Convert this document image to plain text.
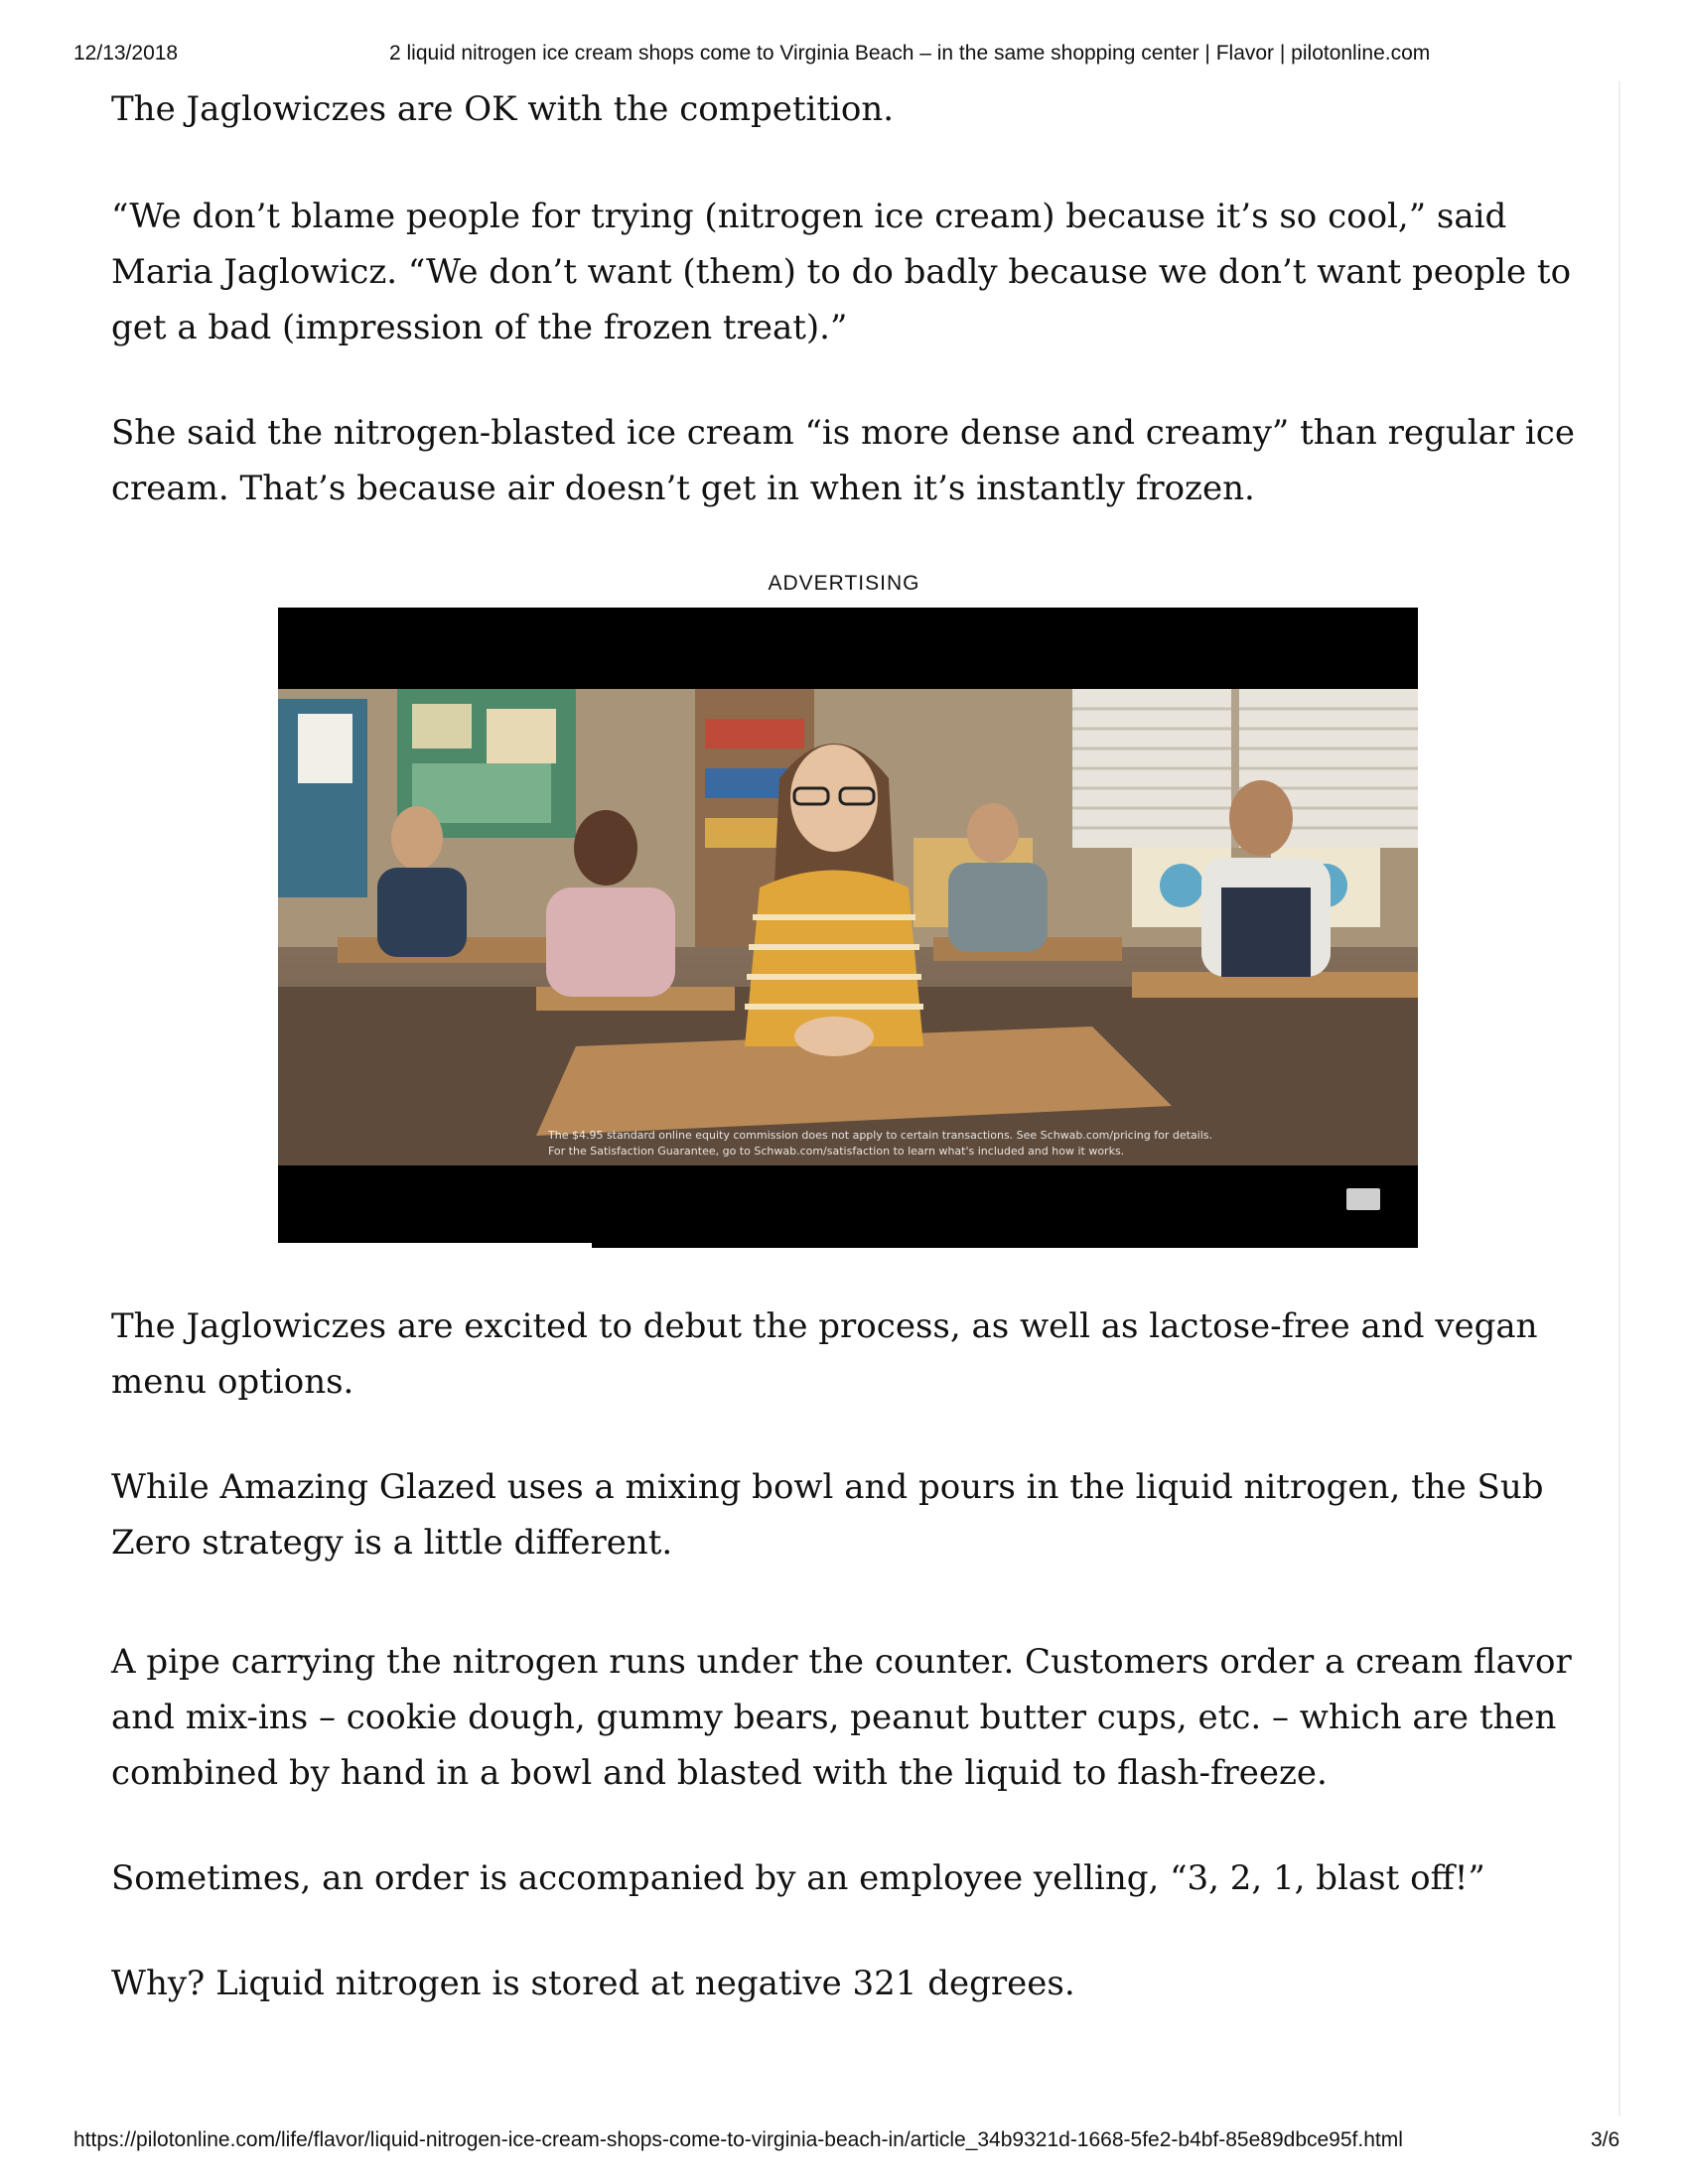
12/13/2018	2 liquid nitrogen ice cream shops come to Virginia Beach – in the same shopping center | Flavor | pilotonline.com

The Jaglowiczes are OK with the competition.

“We don’t blame people for trying (nitrogen ice cream) because it’s so cool,” said Maria Jaglowicz. “We don’t want (them) to do badly because we don’t want people to get a bad (impression of the frozen treat).”

She said the nitrogen-blasted ice cream “is more dense and creamy” than regular ice cream. That’s because air doesn’t get in when it’s instantly frozen.

The Jaglowiczes are excited to debut the process, as well as lactose-free and vegan menu options.

While Amazing Glazed uses a mixing bowl and pours in the liquid nitrogen, the Sub Zero strategy is a little different.

A pipe carrying the nitrogen runs under the counter. Customers order a cream flavor and mix-ins – cookie dough, gummy bears, peanut butter cups, etc. – which are then combined by hand in a bowl and blasted with the liquid to flash-freeze.

Sometimes, an order is accompanied by an employee yelling, “3, 2, 1, blast off!”

Why? Liquid nitrogen is stored at negative 321 degrees.

ADVERTISING
The $4.95 standard online equity commission does not apply to certain transactions. See Schwab.com/pricing for details.
For the Satisfaction Guarantee, go to Schwab.com/satisfaction to learn what's included and how it works.
https://pilotonline.com/life/flavor/liquid-nitrogen-ice-cream-shops-come-to-virginia-beach-in/article_34b9321d-1668-5fe2-b4bf-85e89dbce95f.html	3/6
